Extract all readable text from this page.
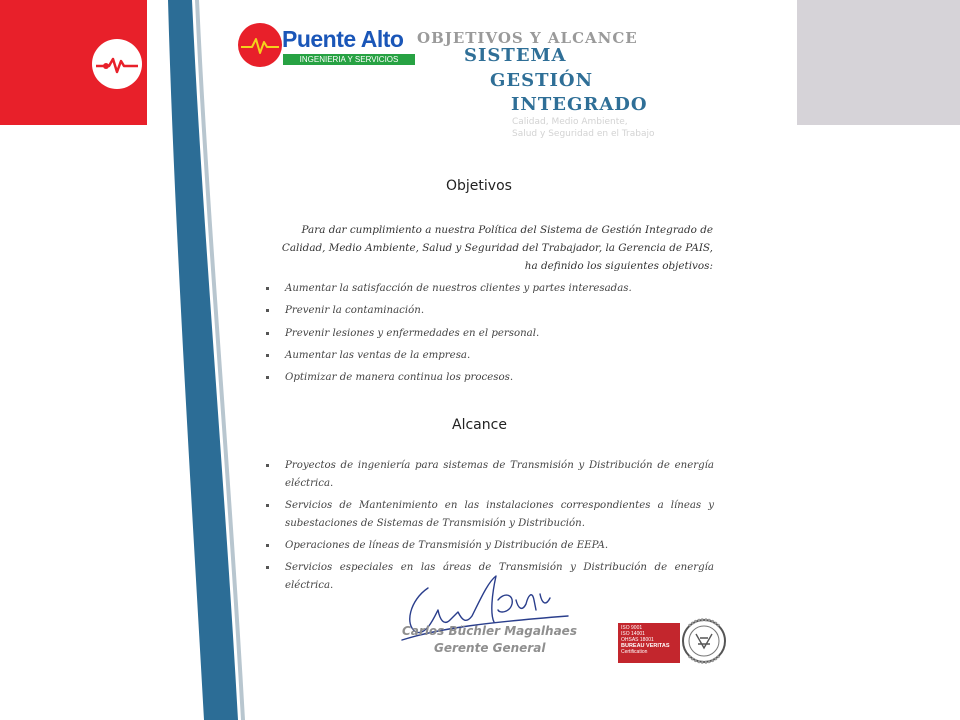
Puente Alto
INGENIERIA Y SERVICIOS
OBJETIVOS Y ALCANCE
SISTEMA
GESTIÓN
INTEGRADO
Calidad, Medio Ambiente,
Salud y Seguridad en el Trabajo
Objetivos
Para dar cumplimiento a nuestra Política del Sistema de Gestión Integrado de Calidad, Medio Ambiente, Salud y Seguridad del Trabajador, la Gerencia de PAIS, ha definido los siguientes objetivos:
Aumentar la satisfacción de nuestros clientes y partes interesadas.
Prevenir la contaminación.
Prevenir lesiones y enfermedades en el personal.
Aumentar las ventas de la empresa.
Optimizar de manera continua los procesos.
Alcance
Proyectos de ingeniería para sistemas de Transmisión y Distribución de energía eléctrica.
Servicios de Mantenimiento en las instalaciones correspondientes a líneas y subestaciones de Sistemas de Transmisión y Distribución.
Operaciones de líneas de Transmisión y Distribución de EEPA.
Servicios especiales en las áreas de Transmisión y Distribución de energía eléctrica.
Carlos Büchler Magalhaes
Gerente General
ISO 9001
ISO 14001
OHSAS 18001
BUREAU VERITAS
Certification
